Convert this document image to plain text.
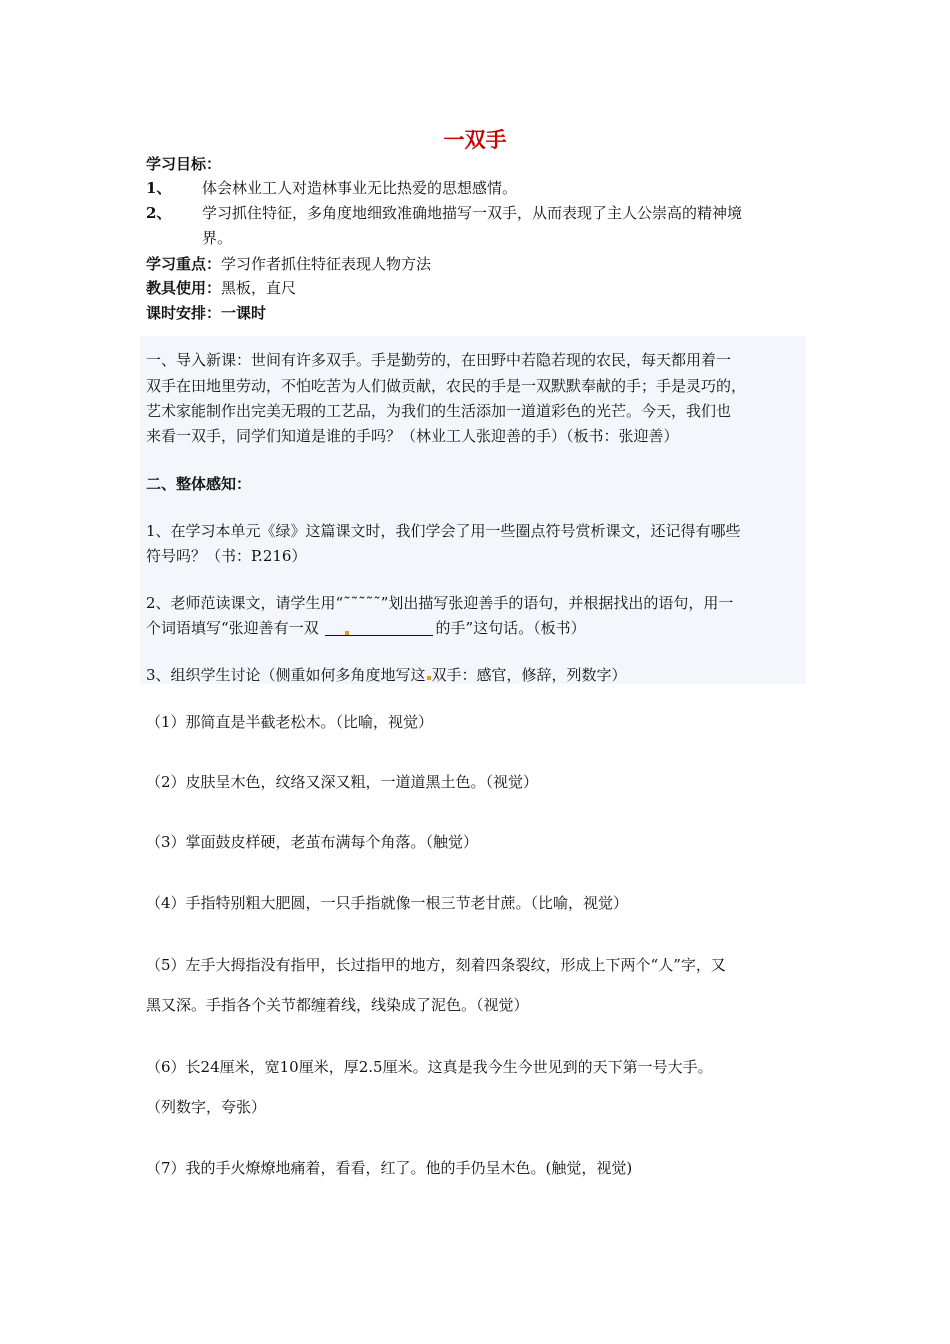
一双手
学习目标：
1、 体会林业工人对造林事业无比热爱的思想感情。
2、 学习抓住特征，多角度地细致准确地描写一双手，从而表现了主人公崇高的精神境
界。
学习重点：学习作者抓住特征表现人物方法
教具使用：黑板，直尺
课时安排：一课时
一、导入新课：世间有许多双手。手是勤劳的，在田野中若隐若现的农民，每天都用着一
双手在田地里劳动，不怕吃苦为人们做贡献，农民的手是一双默默奉献的手；手是灵巧的，
艺术家能制作出完美无瑕的工艺品，为我们的生活添加一道道彩色的光芒。今天，我们也
来看一双手，同学们知道是谁的手吗？（林业工人张迎善的手）（板书：张迎善）
二、整体感知：
1、在学习本单元《绿》这篇课文时，我们学会了用一些圈点符号赏析课文，还记得有哪些
符号吗？（书：P.216）
2、老师范读课文，请学生用“˜˜˜˜˜”划出描写张迎善手的语句，并根据找出的语句，用一
个词语填写“张迎善有一双	的手”这句话。（板书）
3、组织学生讨论（侧重如何多角度地写这 双手：感官，修辞，列数字）
（1）那简直是半截老松木。（比喻，视觉）
（2）皮肤呈木色，纹络又深又粗，一道道黑土色。（视觉）
（3）掌面鼓皮样硬，老茧布满每个角落。（触觉）
（4）手指特别粗大肥圆，一只手指就像一根三节老甘蔗。（比喻，视觉）
（5）左手大拇指没有指甲，长过指甲的地方，刻着四条裂纹，形成上下两个“人”字，又
黑又深。手指各个关节都缠着线，线染成了泥色。（视觉）
（6）长24厘米，宽10厘米，厚2.5厘米。这真是我今生今世见到的天下第一号大手。
（列数字，夸张）
（7）我的手火燎燎地痛着，看看，红了。他的手仍呈木色。(触觉，视觉)
